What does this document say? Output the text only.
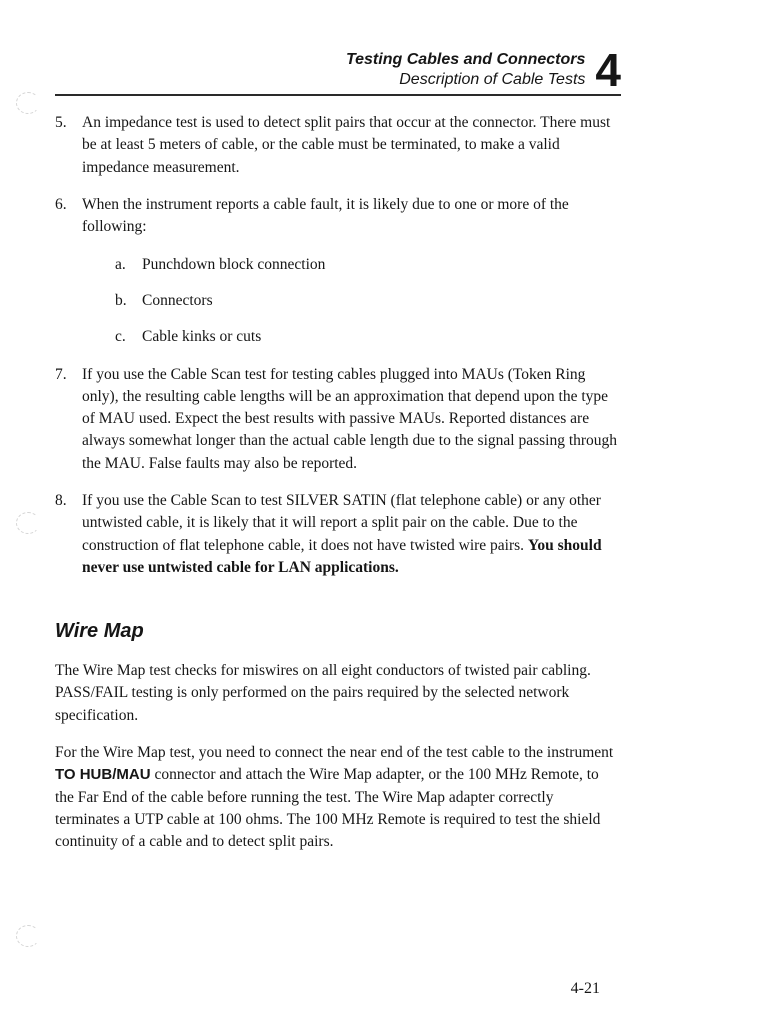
Testing Cables and Connectors
Description of Cable Tests 4
5. An impedance test is used to detect split pairs that occur at the connector. There must be at least 5 meters of cable, or the cable must be terminated, to make a valid impedance measurement.
6. When the instrument reports a cable fault, it is likely due to one or more of the following:
a.	Punchdown block connection
b. Connectors
c.	Cable kinks or cuts
7. If you use the Cable Scan test for testing cables plugged into MAUs (Token Ring only), the resulting cable lengths will be an approximation that depend upon the type of MAU used. Expect the best results with passive MAUs. Reported distances are always somewhat longer than the actual cable length due to the signal passing through the MAU. False faults may also be reported.
8. If you use the Cable Scan to test SILVER SATIN (flat telephone cable) or any other untwisted cable, it is likely that it will report a split pair on the cable. Due to the construction of flat telephone cable, it does not have twisted wire pairs. You should never use untwisted cable for LAN applications.
Wire Map
The Wire Map test checks for miswires on all eight conductors of twisted pair cabling. PASS/FAIL testing is only performed on the pairs required by the selected network specification.
For the Wire Map test, you need to connect the near end of the test cable to the instrument TO HUB/MAU connector and attach the Wire Map adapter, or the 100 MHz Remote, to the Far End of the cable before running the test. The Wire Map adapter correctly terminates a UTP cable at 100 ohms. The 100 MHz Remote is required to test the shield continuity of a cable and to detect split pairs.
4-21
